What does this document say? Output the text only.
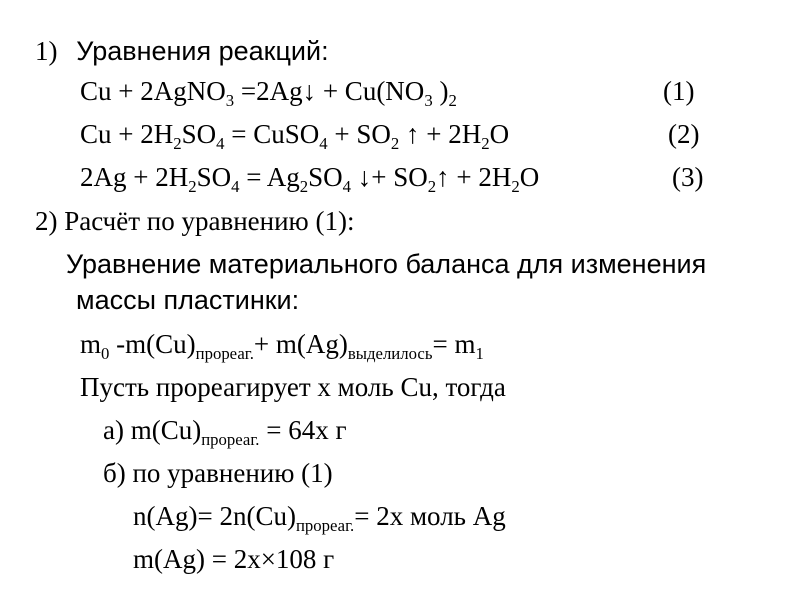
1) Уравнения реакций:
Cu + 2AgNO$_3$ =2Ag↓ + $Cu(NO_3$ )$_2$	(1)
$Cu + 2H_2SO_4$ = CuSO$_4$ + $SO_2$ ↑ + $2H_2O$	(2)
$2Ag + 2H_2SO_4 = Ag_2SO_4$ ↓+ $SO_2↑ + 2H_2O$	(3)
2) Расчёт по уравнению (1):
Уравнение материального баланса для изменения
массы пластинки:
$m_0$ $-m(Cu)_{прореаг.}+ m(Ag)_{выделилось}= m_1$
Пусть прореагирует x моль Cu, тогда
а) $m(Cu)_{прореаг.} = 64x$ г
б) по уравнению (1)
$n(Ag)= 2n(Cu)_{прореаг.}= 2x$ моль Ag
m(Ag) = 2x×108 г
